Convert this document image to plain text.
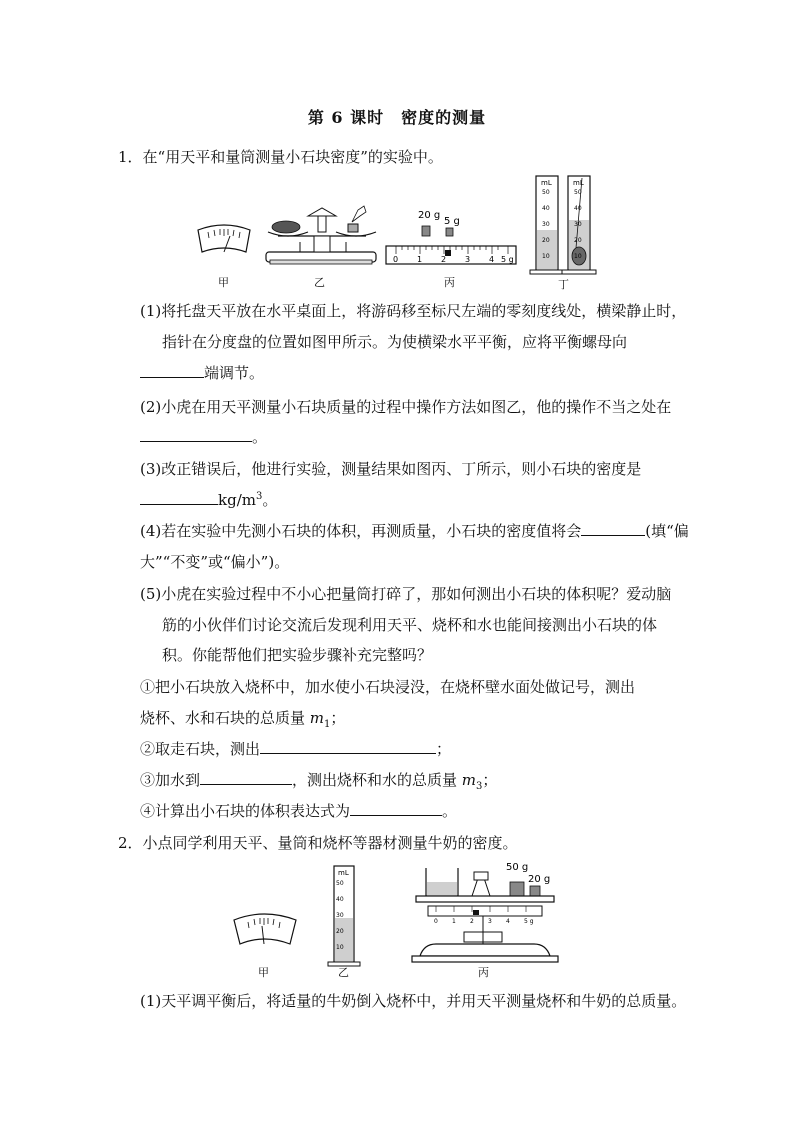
第 6 课时　密度的测量
1．在“用天平和量筒测量小石块密度”的实验中。
20 g
5 g
0 1 2 3 4 5 g
mL
50
40
30
20
10
mL
50
40
30
20
10
甲	乙	丙	丁
(1)将托盘天平放在水平桌面上，将游码移至标尺左端的零刻度线处，横梁静止时，
指针在分度盘的位置如图甲所示。为使横梁水平平衡，应将平衡螺母向
端调节。
(2)小虎在用天平测量小石块质量的过程中操作方法如图乙，他的操作不当之处在
。
(3)改正错误后，他进行实验，测量结果如图丙、丁所示，则小石块的密度是
$kg/m^3$。
(4)若在实验中先测小石块的体积，再测质量，小石块的密度值将会	(填“偏
大”“不变”或“偏小”)。
(5)小虎在实验过程中不小心把量筒打碎了，那如何测出小石块的体积呢？爱动脑
筋的小伙伴们讨论交流后发现利用天平、烧杯和水也能间接测出小石块的体
积。你能帮他们把实验步骤补充完整吗？
①把小石块放入烧杯中，加水使小石块浸没，在烧杯壁水面处做记号，测出
烧杯、水和石块的总质量 $m_1$；
②取走石块，测出	；
③加水到	，测出烧杯和水的总质量 $m_3$；
④计算出小石块的体积表达式为	。
2．小点同学利用天平、量筒和烧杯等器材测量牛奶的密度。
mL
50
40
30
20
10
50 g
20 g
0 1 2 3 4 5 g
甲	乙	丙
(1)天平调平衡后，将适量的牛奶倒入烧杯中，并用天平测量烧杯和牛奶的总质量。
